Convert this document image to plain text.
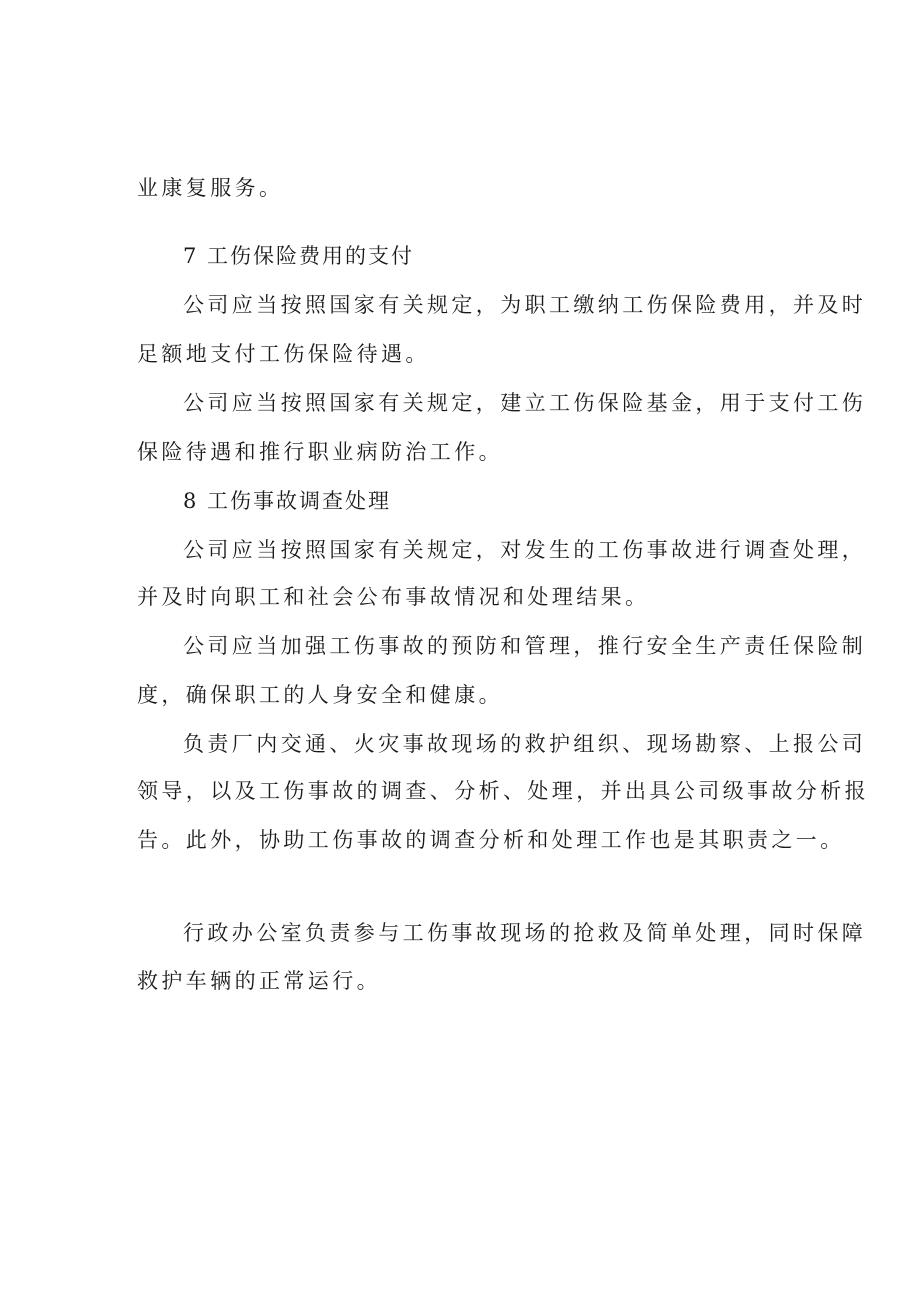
业康复服务。
7 工伤保险费用的支付
公司应当按照国家有关规定，为职工缴纳工伤保险费用，并及时
足额地支付工伤保险待遇。
公司应当按照国家有关规定，建立工伤保险基金，用于支付工伤
保险待遇和推行职业病防治工作。
8 工伤事故调查处理
公司应当按照国家有关规定，对发生的工伤事故进行调查处理，
并及时向职工和社会公布事故情况和处理结果。
公司应当加强工伤事故的预防和管理，推行安全生产责任保险制
度，确保职工的人身安全和健康。
负责厂内交通、火灾事故现场的救护组织、现场勘察、上报公司
领导，以及工伤事故的调查、分析、处理，并出具公司级事故分析报
告。此外，协助工伤事故的调查分析和处理工作也是其职责之一。
行政办公室负责参与工伤事故现场的抢救及简单处理，同时保障
救护车辆的正常运行。
